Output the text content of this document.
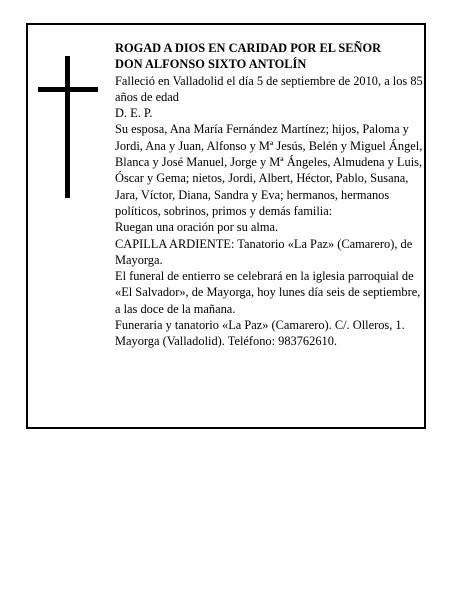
ROGAD A DIOS EN CARIDAD POR EL SEÑOR

DON ALFONSO SIXTO ANTOLÍN

Falleció en Valladolid el día 5 de septiembre de 2010, a los 85 años de edad

D. E. P.

Su esposa, Ana María Fernández Martínez; hijos, Paloma y Jordi, Ana y Juan, Alfonso y Mª Jesús, Belén y Miguel Ángel, Blanca y José Manuel, Jorge y Mª Ángeles, Almudena y Luis, Óscar y Gema; nietos, Jordi, Albert, Héctor, Pablo, Susana, Jara, Víctor, Diana, Sandra y Eva; hermanos, hermanos políticos, sobrinos, primos y demás familia:

Ruegan una oración por su alma.

CAPILLA ARDIENTE: Tanatorio «La Paz» (Camarero), de Mayorga.

El funeral de entierro se celebrará en la iglesia parroquial de «El Salvador», de Mayorga, hoy lunes día seis de septiembre, a las doce de la mañana.

Funeraria y tanatorio «La Paz» (Camarero). C/. Olleros, 1. Mayorga (Valladolid). Teléfono: 983762610.
